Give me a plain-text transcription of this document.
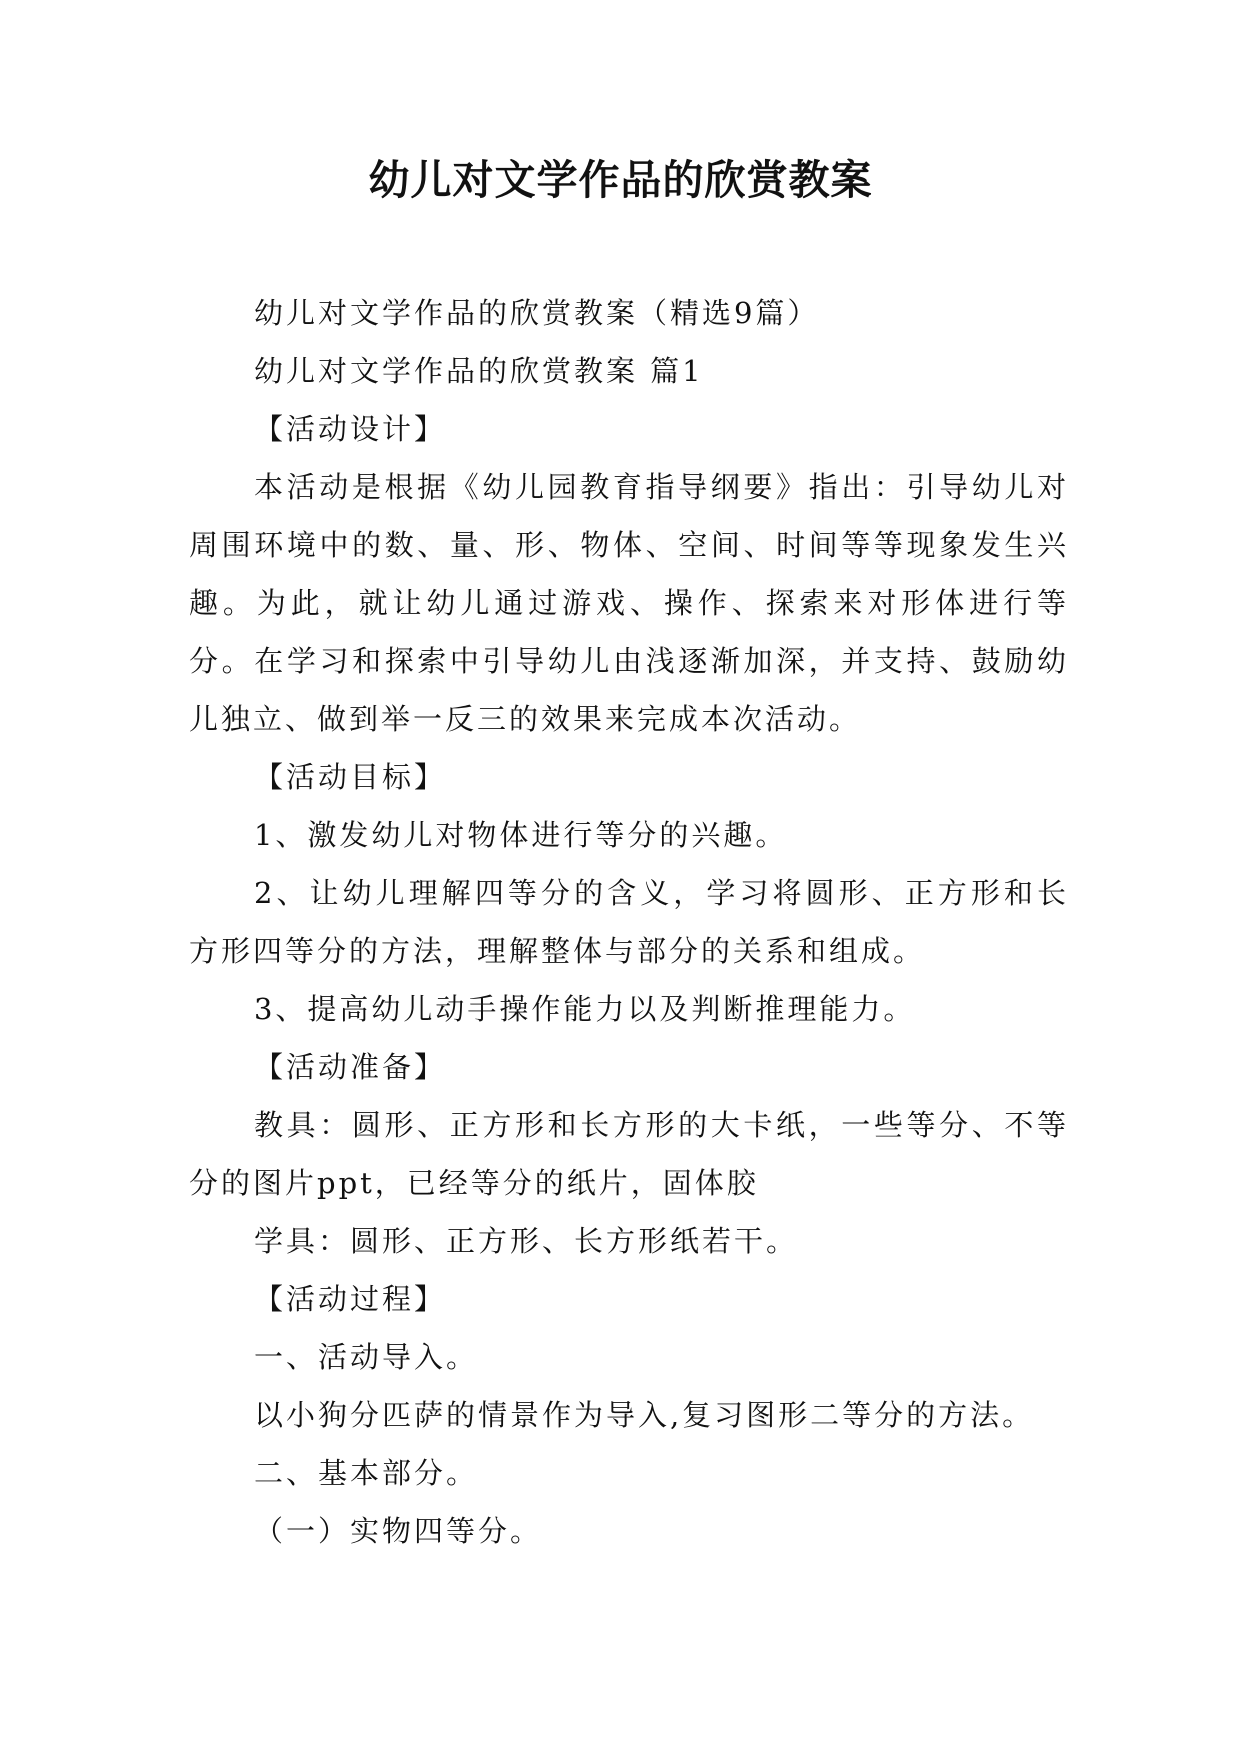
幼儿对文学作品的欣赏教案

幼儿对文学作品的欣赏教案（精选9篇）

幼儿对文学作品的欣赏教案 篇1

【活动设计】

本活动是根据《幼儿园教育指导纲要》指出：引导幼儿对周围环境中的数、量、形、物体、空间、时间等等现象发生兴趣。为此，就让幼儿通过游戏、操作、探索来对形体进行等分。在学习和探索中引导幼儿由浅逐渐加深，并支持、鼓励幼儿独立、做到举一反三的效果来完成本次活动。

【活动目标】

1、激发幼儿对物体进行等分的兴趣。

2、让幼儿理解四等分的含义，学习将圆形、正方形和长方形四等分的方法，理解整体与部分的关系和组成。

3、提高幼儿动手操作能力以及判断推理能力。

【活动准备】

教具：圆形、正方形和长方形的大卡纸，一些等分、不等分的图片ppt，已经等分的纸片，固体胶

学具：圆形、正方形、长方形纸若干。

【活动过程】

一、活动导入。

以小狗分匹萨的情景作为导入,复习图形二等分的方法。

二、基本部分。

（一）实物四等分。
